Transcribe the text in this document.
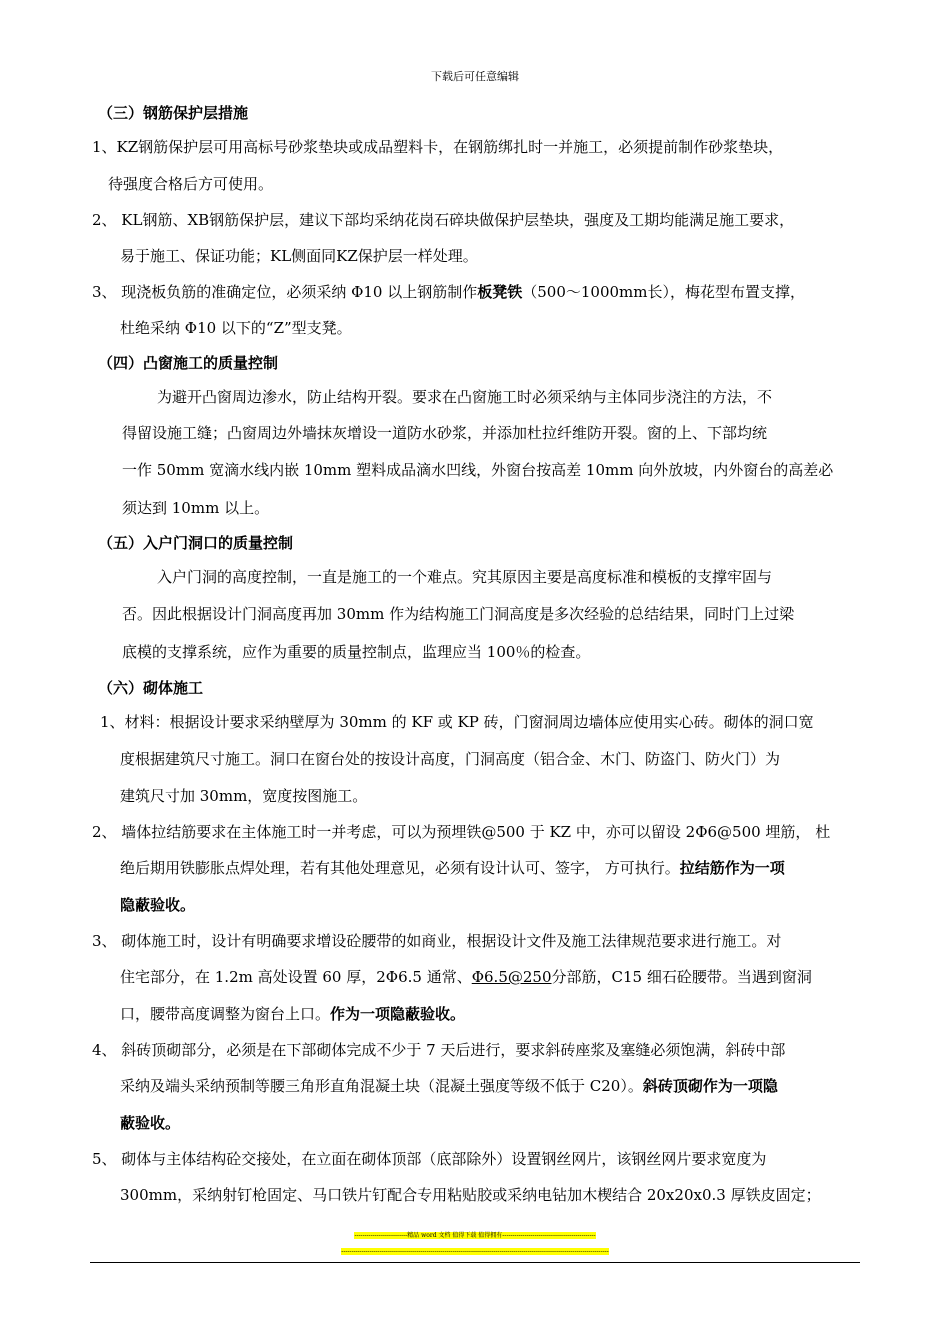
下载后可任意编辑
（三）钢筋保护层措施
1、KZ钢筋保护层可用高标号砂浆垫块或成品塑料卡，在钢筋绑扎时一并施工，必须提前制作砂浆垫块，
待强度合格后方可使用。
2、 KL钢筋、XB钢筋保护层，建议下部均采纳花岗石碎块做保护层垫块，强度及工期均能满足施工要求，
易于施工、保证功能；KL侧面同KZ保护层一样处理。
3、 现浇板负筋的准确定位，必须采纳 Φ10 以上钢筋制作板凳铁（500～1000mm长），梅花型布置支撑，
杜绝采纳 Φ10 以下的“Z”型支凳。
（四）凸窗施工的质量控制
为避开凸窗周边渗水，防止结构开裂。要求在凸窗施工时必须采纳与主体同步浇注的方法，不
得留设施工缝；凸窗周边外墙抹灰增设一道防水砂浆，并添加杜拉纤维防开裂。窗的上、下部均统
一作 50mm 宽滴水线内嵌 10mm 塑料成品滴水凹线，外窗台按高差 10mm 向外放坡，内外窗台的高差必
须达到 10mm 以上。
（五）入户门洞口的质量控制
入户门洞的高度控制，一直是施工的一个难点。究其原因主要是高度标准和模板的支撑牢固与
否。因此根据设计门洞高度再加 30mm 作为结构施工门洞高度是多次经验的总结结果，同时门上过梁
底模的支撑系统，应作为重要的质量控制点，监理应当 100％的检查。
（六）砌体施工
1、材料：根据设计要求采纳壁厚为 30mm 的 KF 或 KP 砖，门窗洞周边墙体应使用实心砖。砌体的洞口宽
度根据建筑尺寸施工。洞口在窗台处的按设计高度，门洞高度（铝合金、木门、防盗门、防火门）为
建筑尺寸加 30mm，宽度按图施工。
2、 墙体拉结筋要求在主体施工时一并考虑，可以为预埋铁@500 于 KZ 中，亦可以留设 2Φ6@500 埋筋， 杜
绝后期用铁膨胀点焊处理，若有其他处理意见，必须有设计认可、签字， 方可执行。拉结筋作为一项
隐蔽验收。
3、 砌体施工时，设计有明确要求增设砼腰带的如商业，根据设计文件及施工法律规范要求进行施工。对
住宅部分，在 1.2m 高处设置 60 厚，2Φ6.5 通常、Φ6.5@250分部筋，C15 细石砼腰带。当遇到窗洞
口，腰带高度调整为窗台上口。作为一项隐蔽验收。
4、 斜砖顶砌部分，必须是在下部砌体完成不少于 7 天后进行，要求斜砖座浆及塞缝必须饱满，斜砖中部
采纳及端头采纳预制等腰三角形直角混凝土块（混凝土强度等级不低于 C20）。斜砖顶砌作为一项隐
蔽验收。
5、 砌体与主体结构砼交接处，在立面在砌体顶部（底部除外）设置钢丝网片，该钢丝网片要求宽度为
300mm，采纳射钉枪固定、马口铁片钉配合专用粘贴胶或采纳电钻加木楔结合 20x20x0.3 厚铁皮固定；
--------------------------精品 word 文档 值得下载 值得拥有----------------------------------------------
------------------------------------------------------------------------------------------------------------------------------------
